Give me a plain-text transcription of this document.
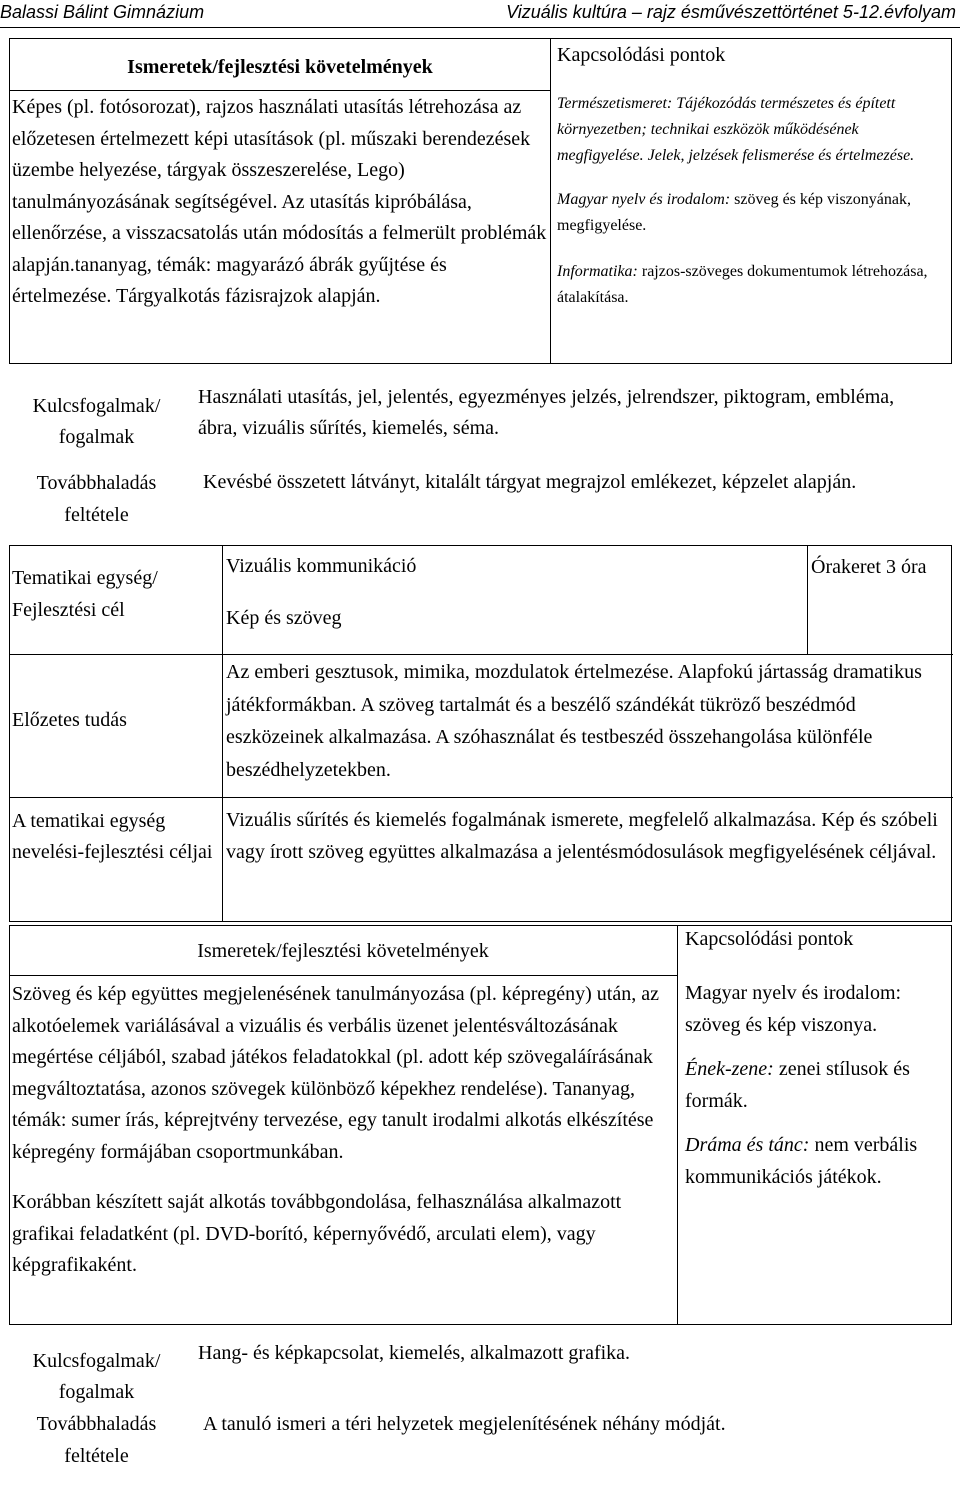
Balassi Bálint Gimnázium	Vizuális kultúra – rajz ésművészettörténet 5-12.évfolyam
Ismeretek/fejlesztési követelmények
Kapcsolódási pontok
Képes (pl. fotósorozat), rajzos használati utasítás létrehozása az előzetesen értelmezett képi utasítások (pl. műszaki berendezések üzembe helyezése, tárgyak összeszerelése, Lego) tanulmányozásának segítségével. Az utasítás kipróbálása, ellenőrzése, a visszacsatolás után módosítás a felmerült problémák alapján.tananyag, témák: magyarázó ábrák gyűjtése és értelmezése. Tárgyalkotás fázisrajzok alapján.

Természetismeret: Tájékozódás természetes és épített környezetben; technikai eszközök működésének megfigyelése. Jelek, jelzések felismerése és értelmezése.

Magyar nyelv és irodalom: szöveg és kép viszonyának, megfigyelése.

Informatika: rajzos-szöveges dokumentumok létrehozása, átalakítása.

Kulcsfogalmak/ fogalmak
Használati utasítás, jel, jelentés, egyezményes jelzés, jelrendszer, piktogram, embléma, ábra, vizuális sűrítés, kiemelés, séma.
Továbbhaladás feltétele
Kevésbé összetett látványt, kitalált tárgyat megrajzol emlékezet, képzelet alapján.
Tematikai egység/ Fejlesztési cél
Vizuális kommunikáció
Kép és szöveg
Órakeret 3 óra
Előzetes tudás
Az emberi gesztusok, mimika, mozdulatok értelmezése. Alapfokú jártasság dramatikus játékformákban. A szöveg tartalmát és a beszélő szándékát tükröző beszédmód eszközeinek alkalmazása. A szóhasználat és testbeszéd összehangolása különféle beszédhelyzetekben.
A tematikai egység nevelési-fejlesztési céljai
Vizuális sűrítés és kiemelés fogalmának ismerete, megfelelő alkalmazása. Kép és szóbeli vagy írott szöveg együttes alkalmazása a jelentésmódosulások megfigyelésének céljával.
Ismeretek/fejlesztési követelmények
Kapcsolódási pontok

Szöveg és kép együttes megjelenésének tanulmányozása (pl. képregény) után, az alkotóelemek variálásával a vizuális és verbális üzenet jelentésváltozásának megértése céljából, szabad játékos feladatokkal (pl. adott kép szövegaláírásának megváltoztatása, azonos szövegek különböző képekhez rendelése). Tananyag, témák: sumer írás, képrejtvény tervezése, egy tanult irodalmi alkotás elkészítése képregény formájában csoportmunkában.

Korábban készített saját alkotás továbbgondolása, felhasználása alkalmazott grafikai feladatként (pl. DVD-borító, képernyővédő, arculati elem), vagy képgrafikaként.

Magyar nyelv és irodalom: szöveg és kép viszonya.

Ének-zene: zenei stílusok és formák.

Dráma és tánc: nem verbális kommunikációs játékok.

Kulcsfogalmak/ fogalmak
Hang- és képkapcsolat, kiemelés, alkalmazott grafika.
Továbbhaladás feltétele
A tanuló ismeri a téri helyzetek megjelenítésének néhány módját.
